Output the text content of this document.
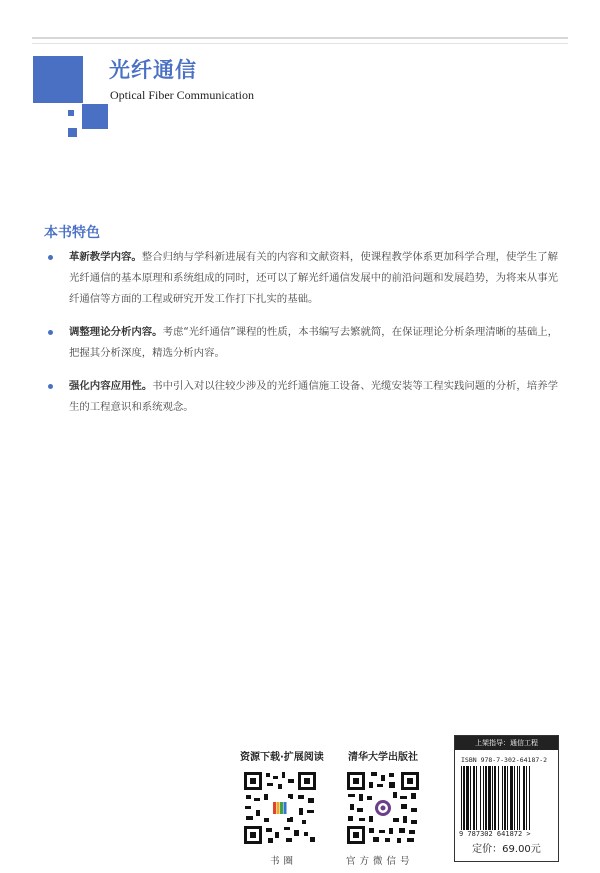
光纤通信
Optical Fiber Communication
本书特色
革新教学内容。整合归纳与学科新进展有关的内容和文献资料，使课程教学体系更加科学合理，使学生了解光纤通信的基本原理和系统组成的同时，还可以了解光纤通信发展中的前沿问题和发展趋势，为将来从事光纤通信等方面的工程或研究开发工作打下扎实的基础。
调整理论分析内容。考虑“光纤通信”课程的性质，本书编写去繁就简，在保证理论分析条理清晰的基础上，把握其分析深度，精选分析内容。
强化内容应用性。书中引入对以往较少涉及的光纤通信施工设备、光缆安装等工程实践问题的分析，培养学生的工程意识和系统观念。
资源下载·扩展阅读
书圈
清华大学出版社
官方微信号
上架指导：通信工程
ISBN 978-7-302-64187-2
9 787302 641872 >
定价：69.00元
